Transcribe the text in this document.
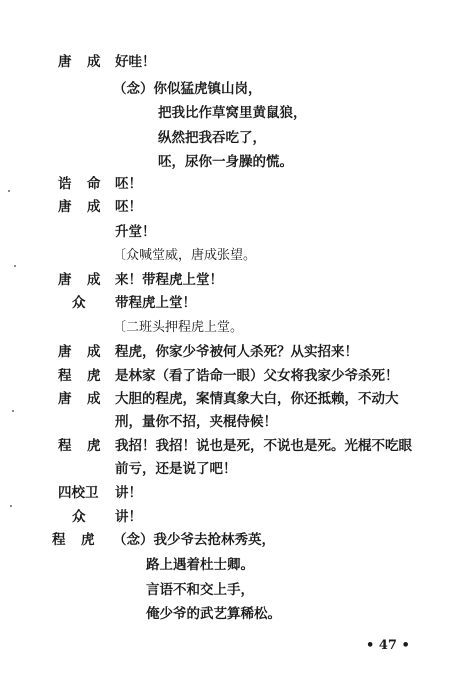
唐　成 好哇！
（念）你似猛虎镇山岗，
把我比作草窝里黄鼠狼，
纵然把我吞吃了，
呸，尿你一身臊的慌。
诰　命 呸！
唐　成 呸！
升堂！
〔众喊堂威，唐成张望。
唐　成 来！带程虎上堂！
众 带程虎上堂！
〔二班头押程虎上堂。
唐　成 程虎，你家少爷被何人杀死？从实招来！
程　虎 是林家（看了诰命一眼）父女将我家少爷杀死！
唐　成 大胆的程虎，案情真象大白，你还抵赖，不动大
刑，量你不招，夹棍侍候！
程　虎 我招！我招！说也是死，不说也是死。光棍不吃眼
前亏，还是说了吧！
四校卫 讲！
众 讲！
程　虎 （念）我少爷去抢林秀英，
路上遇着杜士卿。
言语不和交上手，
俺少爷的武艺算稀松。
• 47 •
